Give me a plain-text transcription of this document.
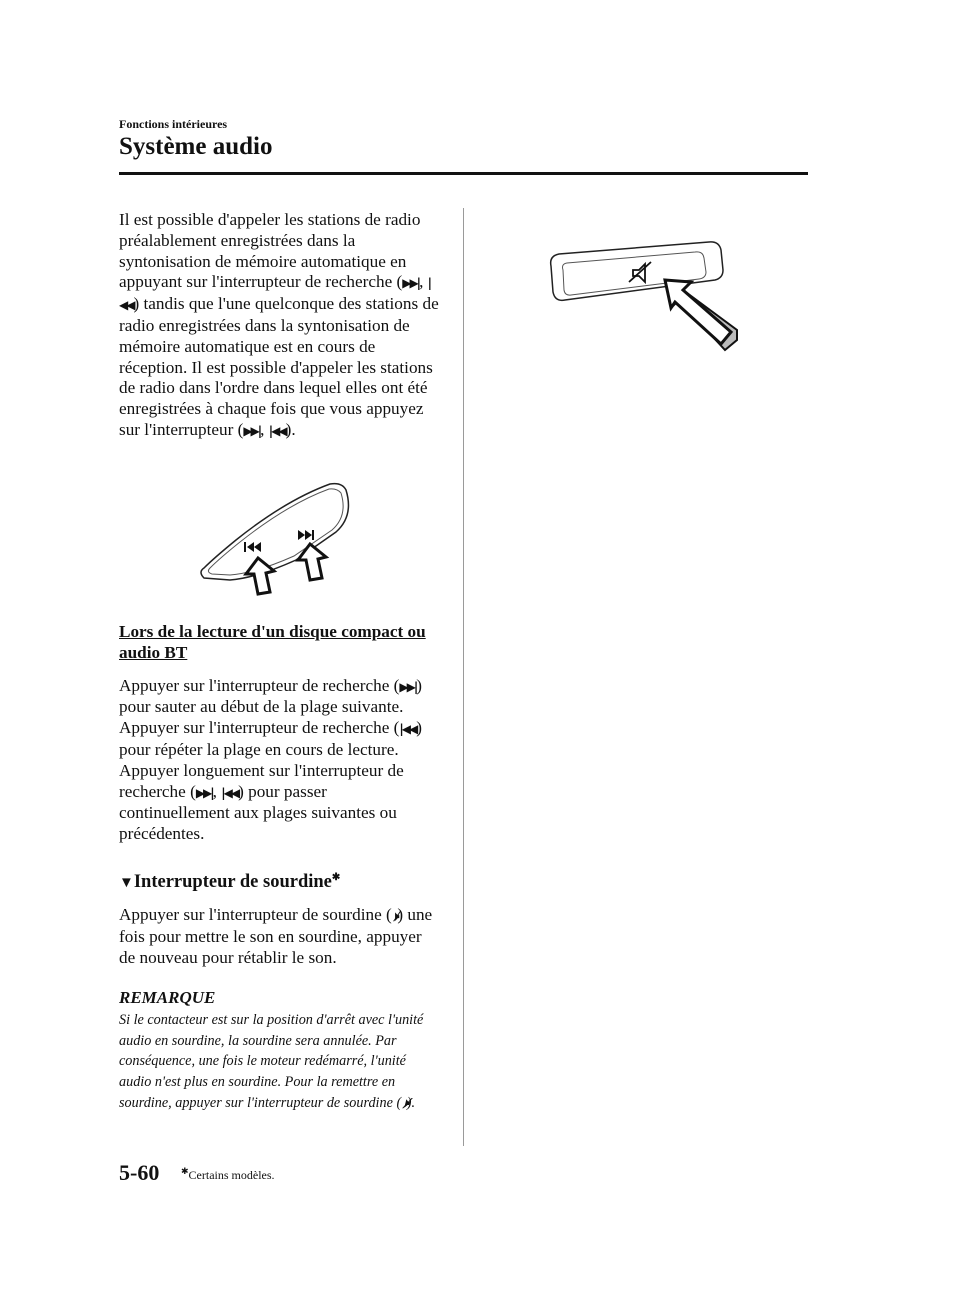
Fonctions intérieures
Système audio

Il est possible d'appeler les stations de radio préalablement enregistrées dans la syntonisation de mémoire automatique en appuyant sur l'interrupteur de recherche (▶▶|, |◀◀) tandis que l'une quelconque des stations de radio enregistrées dans la syntonisation de mémoire automatique est en cours de réception. Il est possible d'appeler les stations de radio dans l'ordre dans lequel elles ont été enregistrées à chaque fois que vous appuyez sur l'interrupteur (▶▶|, |◀◀).

Lors de la lecture d'un disque compact ou audio BT

Appuyer sur l'interrupteur de recherche (▶▶|) pour sauter au début de la plage suivante. Appuyer sur l'interrupteur de recherche (|◀◀) pour répéter la plage en cours de lecture. Appuyer longuement sur l'interrupteur de recherche (▶▶|, |◀◀) pour passer continuellement aux plages suivantes ou précédentes.

▼Interrupteur de sourdine✱

Appuyer sur l'interrupteur de sourdine (🕨̸) une fois pour mettre le son en sourdine, appuyer de nouveau pour rétablir le son.

REMARQUE

Si le contacteur est sur la position d'arrêt avec l'unité audio en sourdine, la sourdine sera annulée. Par conséquence, une fois le moteur redémarré, l'unité audio n'est plus en sourdine. Pour la remettre en sourdine, appuyer sur l'interrupteur de sourdine (🕨̸).

5-60 ✱Certains modèles.
